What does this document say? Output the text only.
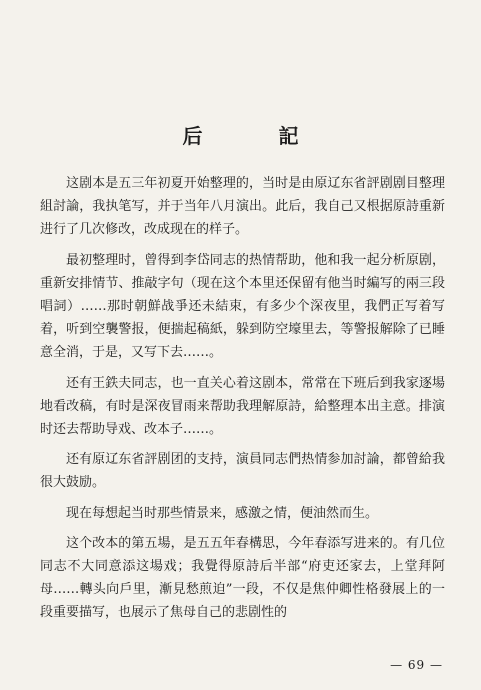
后　記

这剧本是五三年初夏开始整理的，当时是由原辽东省評剧剧目整理組討論，我执笔写，并于当年八月演出。此后，我自己又根据原詩重新进行了几次修改，改成现在的样子。

最初整理时，曾得到李岱同志的热情帮助，他和我一起分析原剧，重新安排情节、推敲字句（现在这个本里还保留有他当时編写的兩三段唱詞）……那时朝鮮战爭还未結束，有多少个深夜里，我們正写着写着，听到空襲警报，便揣起稿紙，躲到防空壕里去，等警报解除了已睡意全消，于是，又写下去……。

还有王鉄夫同志，也一直关心着这剧本，常常在下班后到我家逐場地看改稿，有时是深夜冒雨来帮助我理解原詩，給整理本出主意。排演时还去帮助导戏、改本子……。

还有原辽东省評剧团的支持，演員同志們热情参加討論，都曾給我很大鼓励。

现在每想起当时那些情景来，感激之情，便油然而生。

这个改本的第五場，是五五年春構思，今年春添写进来的。有几位同志不大同意添这場戏；我覺得原詩后半部“府吏还家去，上堂拜阿母……轉头向戶里，漸見愁煎迫”一段，不仅是焦仲卿性格發展上的一段重要描写，也展示了焦母自己的悲剧性的

— 69 —
